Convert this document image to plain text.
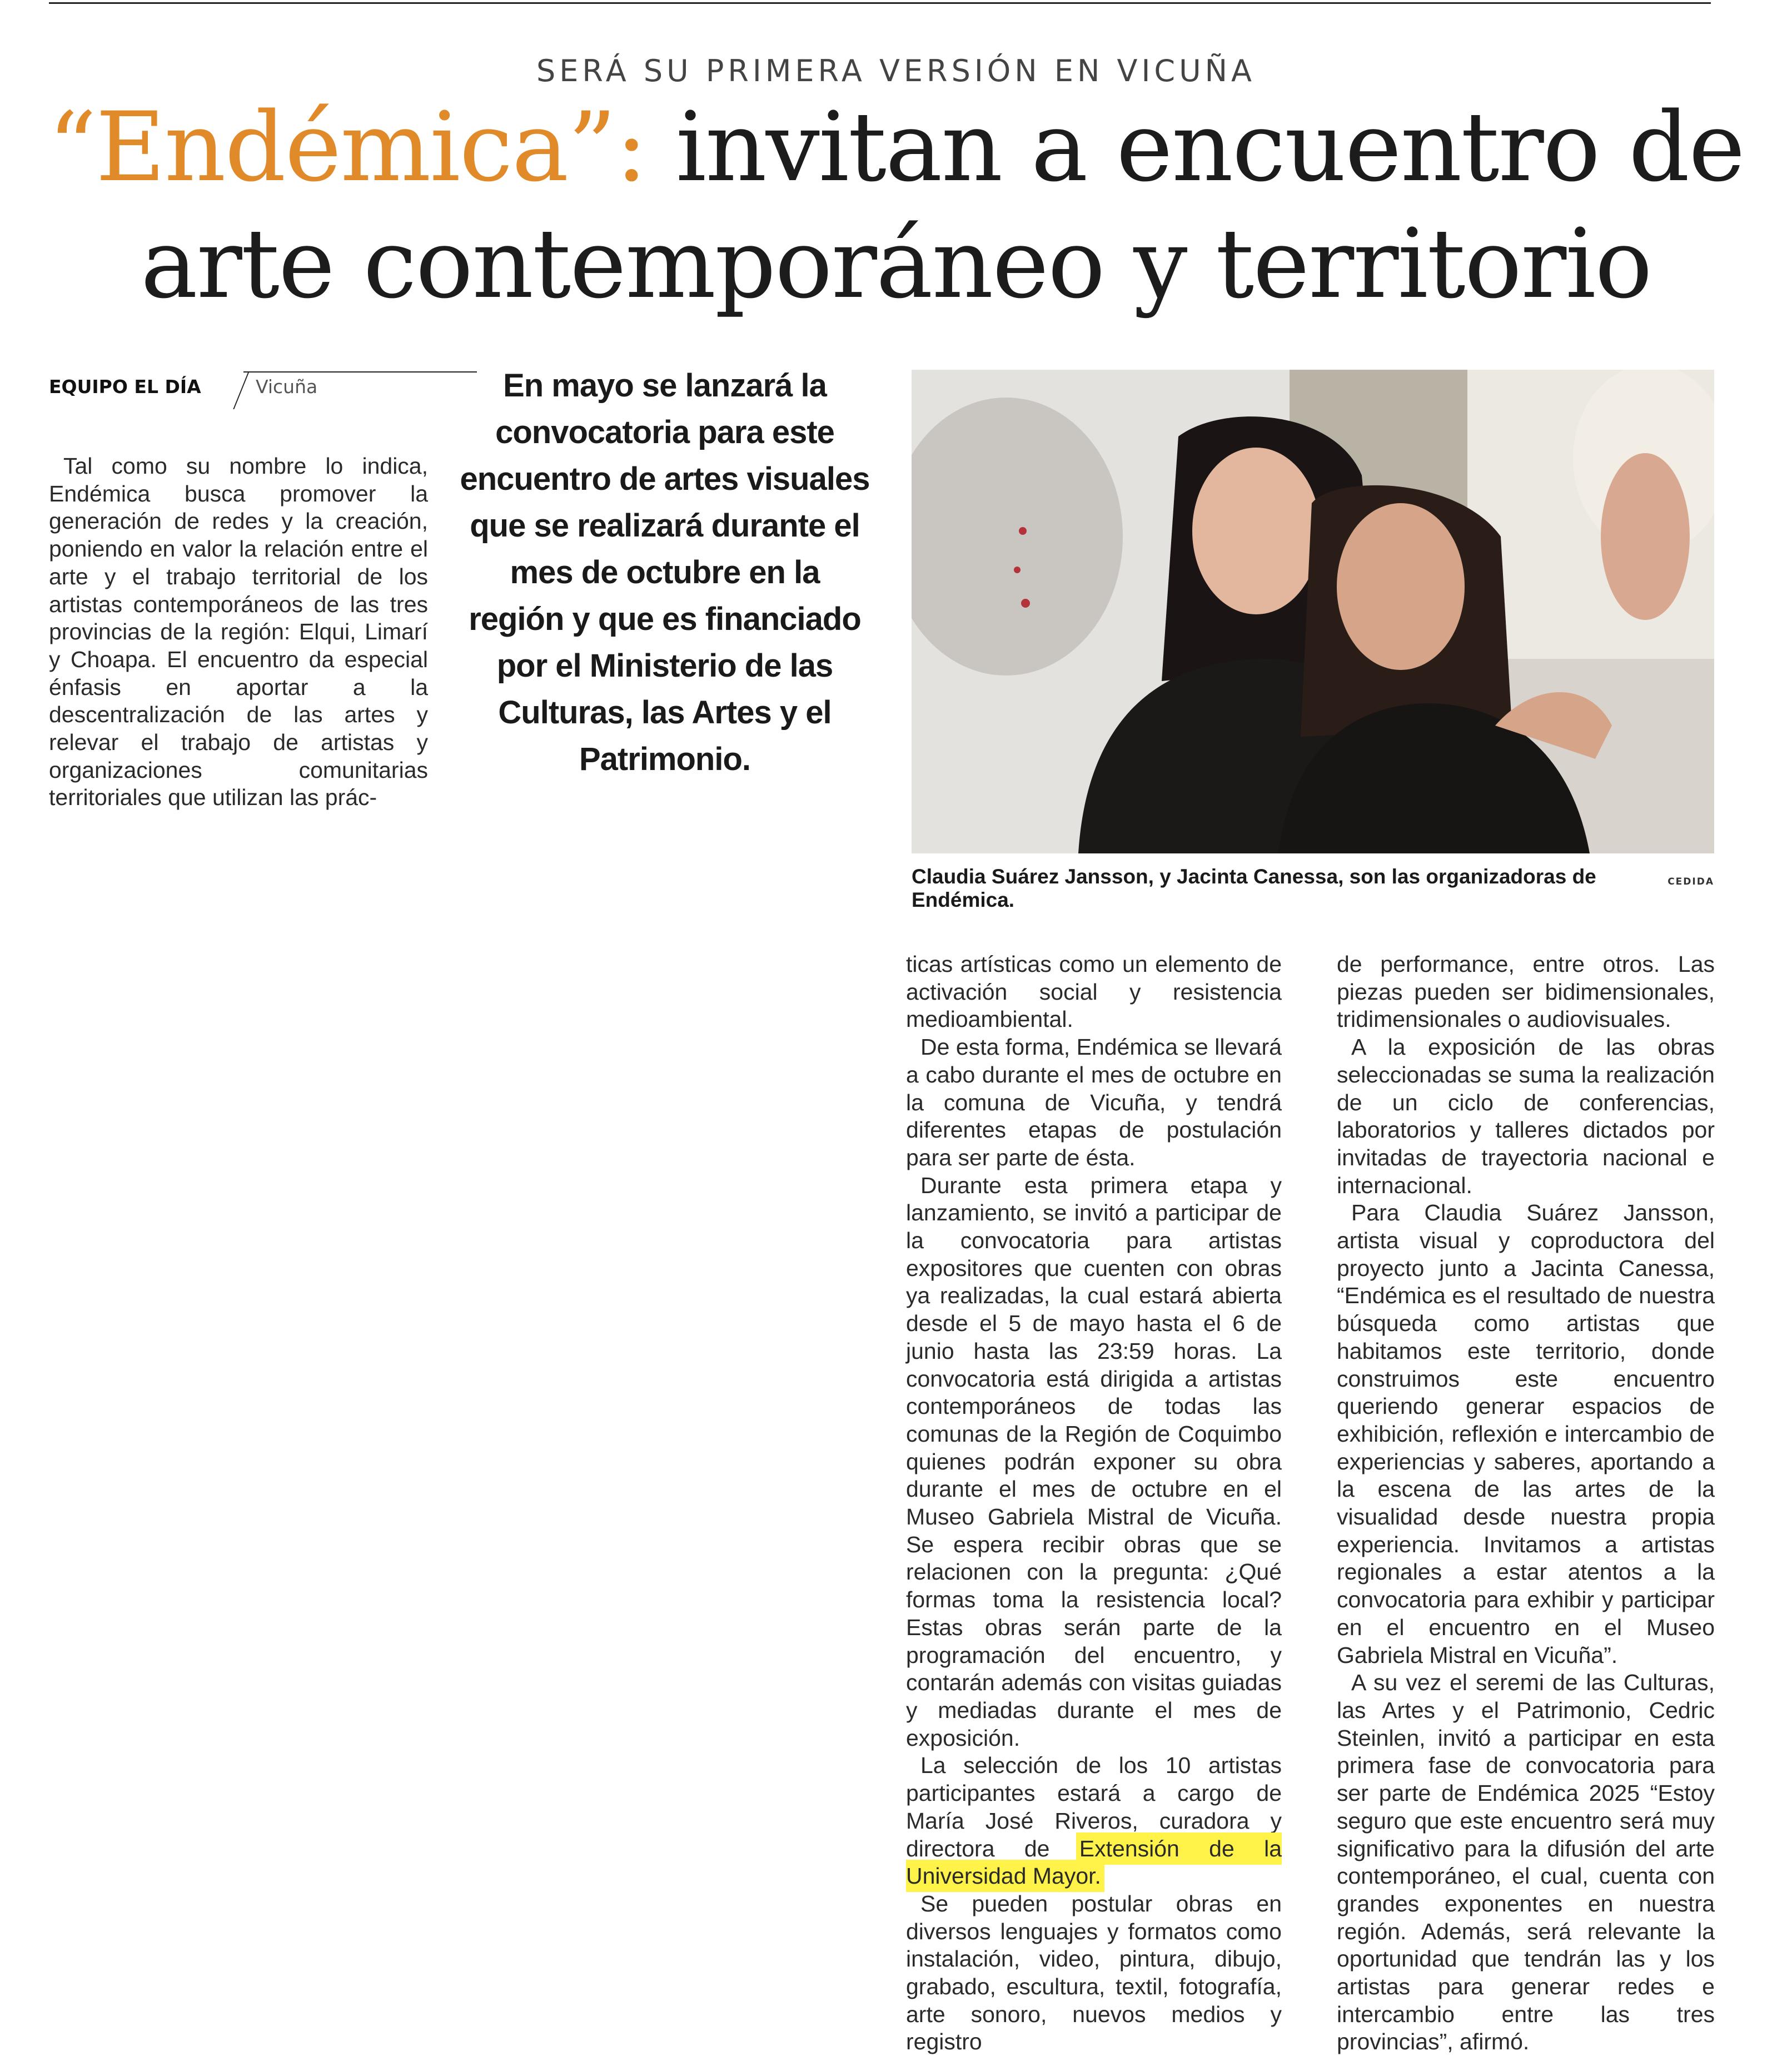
SERÁ SU PRIMERA VERSIÓN EN VICUÑA
“Endémica”: invitan a encuentro de
arte contemporáneo y territorio
EQUIPO EL DÍA	Vicuña

Tal como su nombre lo indica, Endémica busca promover la generación de redes y la creación, poniendo en valor la relación entre el arte y el trabajo territorial de los artistas contemporáneos de las tres provincias de la región: Elqui, Limarí y Choapa. El encuentro da especial énfasis en aportar a la descentralización de las artes y relevar el trabajo de artistas y organizaciones comunitarias territoriales que utilizan las prác-

En mayo se lanzará la convocatoria para este encuentro de artes visuales que se realizará durante el mes de octubre en la región y que es financiado por el Ministerio de las Culturas, las Artes y el Patrimonio.
Claudia Suárez Jansson, y Jacinta Canessa, son las organizadoras de Endémica.
CEDIDA

ticas artísticas como un elemento de activación social y resistencia medioambiental.

De esta forma, Endémica se llevará a cabo durante el mes de octubre en la comuna de Vicuña, y tendrá diferentes etapas de postulación para ser parte de ésta.

Durante esta primera etapa y lanzamiento, se invitó a participar de la convocatoria para artistas expositores que cuenten con obras ya realizadas, la cual estará abierta desde el 5 de mayo hasta el 6 de junio hasta las 23:59 horas. La convocatoria está dirigida a artistas contemporáneos de todas las comunas de la Región de Coquimbo quienes podrán exponer su obra durante el mes de octubre en el Museo Gabriela Mistral de Vicuña. Se espera recibir obras que se relacionen con la pregunta: ¿Qué formas toma la resistencia local? Estas obras serán parte de la programación del encuentro, y contarán además con visitas guiadas y mediadas durante el mes de exposición.

La selección de los 10 artistas participantes estará a cargo de María José Riveros, curadora y directora de Extensión de la Universidad Mayor.

Se pueden postular obras en diversos lenguajes y formatos como instalación, video, pintura, dibujo, grabado, escultura, textil, fotografía, arte sonoro, nuevos medios y registro

de performance, entre otros. Las piezas pueden ser bidimensionales, tridimensionales o audiovisuales.

A la exposición de las obras seleccionadas se suma la realización de un ciclo de conferencias, laboratorios y talleres dictados por invitadas de trayectoria nacional e internacional.

Para Claudia Suárez Jansson, artista visual y coproductora del proyecto junto a Jacinta Canessa, “Endémica es el resultado de nuestra búsqueda como artistas que habitamos este territorio, donde construimos este encuentro queriendo generar espacios de exhibición, reflexión e intercambio de experiencias y saberes, aportando a la escena de las artes de la visualidad desde nuestra propia experiencia. Invitamos a artistas regionales a estar atentos a la convocatoria para exhibir y participar en el encuentro en el Museo Gabriela Mistral en Vicuña”.

A su vez el seremi de las Culturas, las Artes y el Patrimonio, Cedric Steinlen, invitó a participar en esta primera fase de convocatoria para ser parte de Endémica 2025 “Estoy seguro que este encuentro será muy significativo para la difusión del arte contemporáneo, el cual, cuenta con grandes exponentes en nuestra región. Además, será relevante la oportunidad que tendrán las y los artistas para generar redes e intercambio entre las tres provincias”, afirmó.
